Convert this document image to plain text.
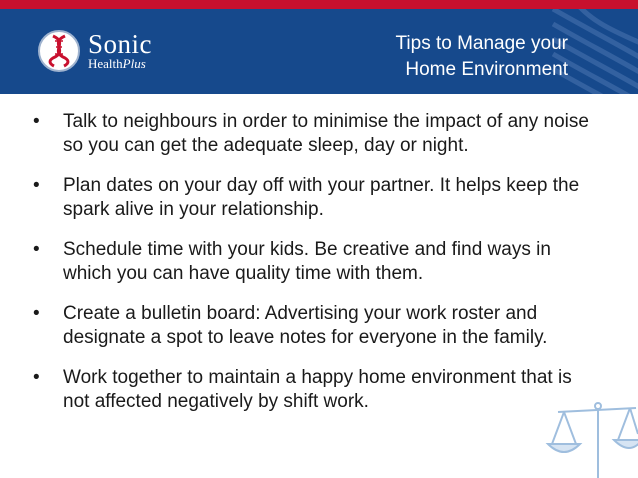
Sonic
HealthPlus
Tips to Manage your
Home Environment
• Talk to neighbours in order to minimise the impact of any noise so you can get the adequate sleep, day or night.
• Plan dates on your day off with your partner. It helps keep the spark alive in your relationship.
• Schedule time with your kids. Be creative and find ways in which you can have quality time with them.
• Create a bulletin board: Advertising your work roster and designate a spot to leave notes for everyone in the family.
• Work together to maintain a happy home environment that is not affected negatively by shift work.
